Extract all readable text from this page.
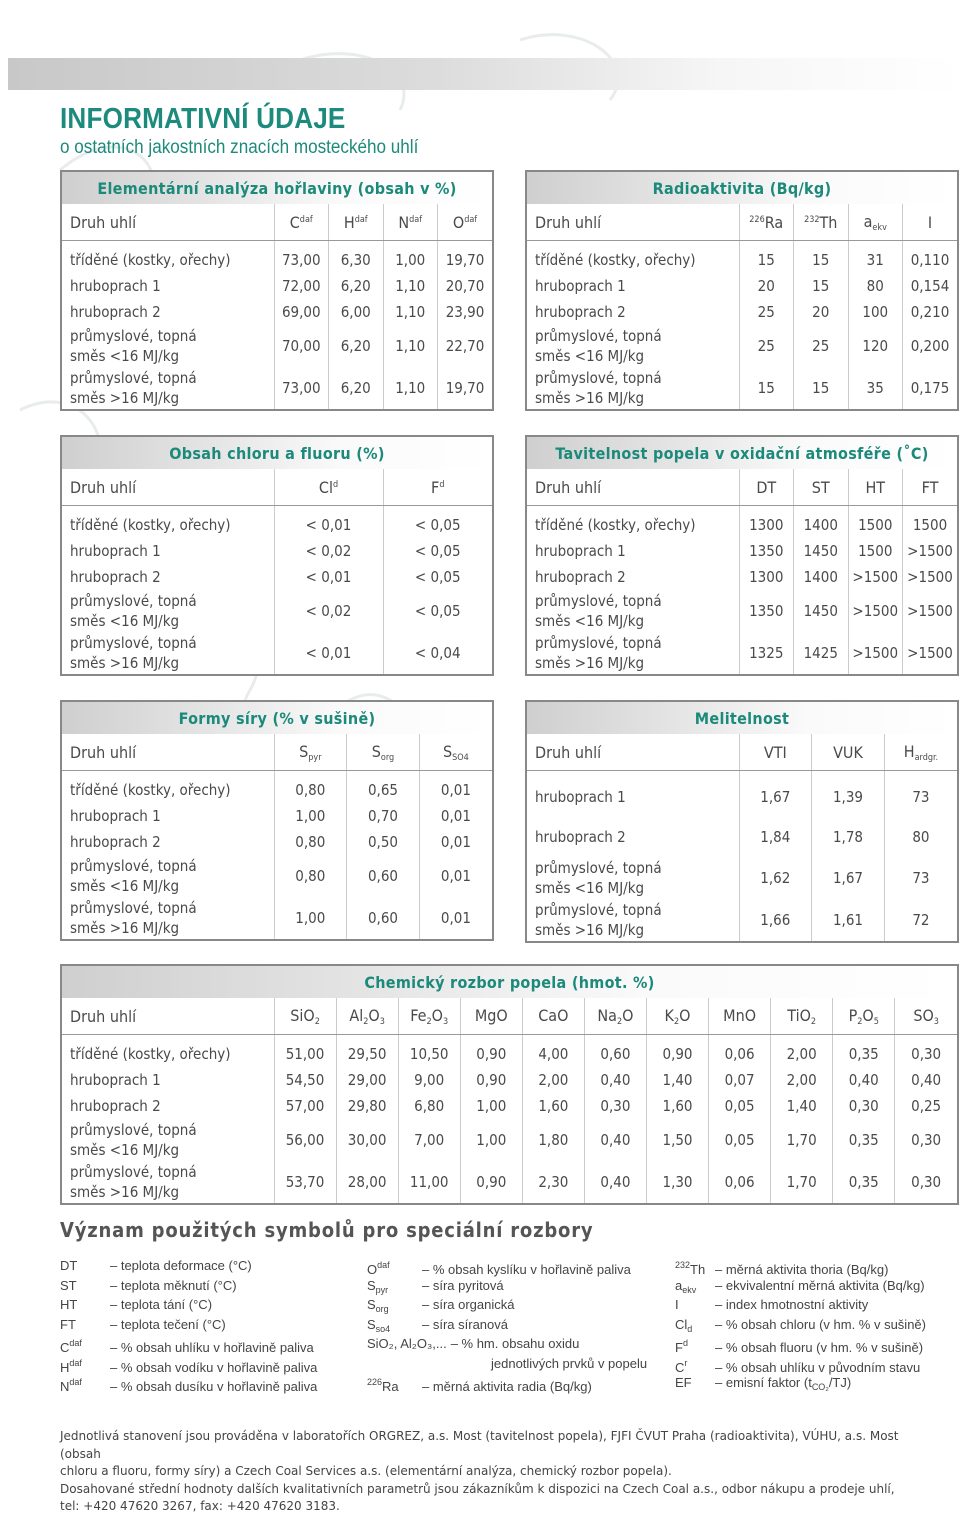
INFORMATIVNÍ ÚDAJE
o ostatních jakostních znacích mosteckého uhlí
Elementární analýza hořlaviny (obsah v %)				
Druh uhlí	$C^{daf}$	$H^{daf}$	$N^{daf}$	$O^{daf}$
tříděné (kostky, ořechy)	73,00	6,30	1,00	19,70
hruboprach 1	72,00	6,20	1,10	20,70
hruboprach 2	69,00	6,00	1,10	23,90
průmyslové, topná
směs <16 MJ/kg	70,00	6,20	1,10	22,70
průmyslové, topná
směs >16 MJ/kg	73,00	6,20	1,10	19,70
Radioaktivita (Bq/kg)				
Druh uhlí	$^{226}$Ra	$^{232}$Th	$a_{ekv}$	I
tříděné (kostky, ořechy)	15	15	31	0,110
hruboprach 1	20	15	80	0,154
hruboprach 2	25	20	100	0,210
průmyslové, topná
směs <16 MJ/kg	25	25	120	0,200
průmyslové, topná
směs >16 MJ/kg	15	15	35	0,175
Obsah chloru a fluoru (%)		
Druh uhlí	Cl$^d$	$F^d$
tříděné (kostky, ořechy)	< 0,01	< 0,05
hruboprach 1	< 0,02	< 0,05
hruboprach 2	< 0,01	< 0,05
průmyslové, topná
směs <16 MJ/kg	< 0,02	< 0,05
průmyslové, topná
směs >16 MJ/kg	< 0,01	< 0,04
Tavitelnost popela v oxidační atmosféře (˚C)				
Druh uhlí	DT	ST	HT	FT
tříděné (kostky, ořechy)	1300	1400	1500	1500
hruboprach 1	1350	1450	1500	>1500
hruboprach 2	1300	1400	>1500	>1500
průmyslové, topná
směs <16 MJ/kg	1350	1450	>1500	>1500
průmyslové, topná
směs >16 MJ/kg	1325	1425	>1500	>1500
Formy síry (% v sušině)			
Druh uhlí	$S_{pyr}$	$S_{org}$	$S_{SO4}$
tříděné (kostky, ořechy)	0,80	0,65	0,01
hruboprach 1	1,00	0,70	0,01
hruboprach 2	0,80	0,50	0,01
průmyslové, topná
směs <16 MJ/kg	0,80	0,60	0,01
průmyslové, topná
směs >16 MJ/kg	1,00	0,60	0,01
Melitelnost			
Druh uhlí	VTI	VUK	$H_{ardgr.}$
hruboprach 1	1,67	1,39	73
hruboprach 2	1,84	1,78	80
průmyslové, topná
směs <16 MJ/kg	1,62	1,67	73
průmyslové, topná
směs >16 MJ/kg	1,66	1,61	72
Chemický rozbor popela (hmot. %)											
Druh uhlí	SiO$_2$	$Al_2O_3$	$Fe_2O_3$	MgO	CaO	$Na_2O$	$K_2O$	MnO	TiO$_2$	$P_2O_5$	$SO_3$
tříděné (kostky, ořechy)	51,00	29,50	10,50	0,90	4,00	0,60	0,90	0,06	2,00	0,35	0,30
hruboprach 1	54,50	29,00	9,00	0,90	2,00	0,40	1,40	0,07	2,00	0,40	0,40
hruboprach 2	57,00	29,80	6,80	1,00	1,60	0,30	1,60	0,05	1,40	0,30	0,25
průmyslové, topná
směs <16 MJ/kg	56,00	30,00	7,00	1,00	1,80	0,40	1,50	0,05	1,70	0,35	0,30
průmyslové, topná
směs >16 MJ/kg	53,70	28,00	11,00	0,90	2,30	0,40	1,30	0,06	1,70	0,35	0,30
Význam použitých symbolů pro speciální rozbory
DT	– teplota deformace (°C)
ST	– teplota měknutí (°C)
HT	– teplota tání (°C)
FT	– teplota tečení (°C)
$C^{daf}$ – % obsah uhlíku v hořlavině paliva
$H^{daf}$ – % obsah vodíku v hořlavině paliva
$N^{daf}$ – % obsah dusíku v hořlavině paliva
$O^{daf}$ – % obsah kyslíku v hořlavině paliva
$S_{pyr}$	– síra pyritová
$S_{org}$	– síra organická
$S_{so4}$ – síra síranová
SiO₂, Al₂O₃,... – % hm. obsahu oxidu
jednotlivých prvků v popelu
$^{226}$Ra – měrná aktivita radia (Bq/kg)
$^{232}$Th – měrná aktivita thoria (Bq/kg)
$a_{ekv}$ – ekvivalentní měrná aktivita (Bq/kg)
I	– index hmotnostní aktivity
$Cl_d$ – % obsah chloru (v hm. % v sušině)
$F^d$ – % obsah fluoru (v hm. % v sušině)
$C^r$ – % obsah uhlíku v původním stavu
EF – emisní faktor $(t_{CO_2}/TJ)$

Jednotlivá stanovení jsou prováděna v laboratořích ORGREZ, a.s. Most (tavitelnost popela), FJFI ČVUT Praha (radioaktivita), VÚHU, a.s. Most (obsah

chloru a fluoru, formy síry) a Czech Coal Services a.s. (elementární analýza, chemický rozbor popela).

Dosahované střední hodnoty dalších kvalitativních parametrů jsou zákazníkům k dispozici na Czech Coal a.s., odbor nákupu a prodeje uhlí,

tel: +420 47620 3267, fax: +420 47620 3183.
